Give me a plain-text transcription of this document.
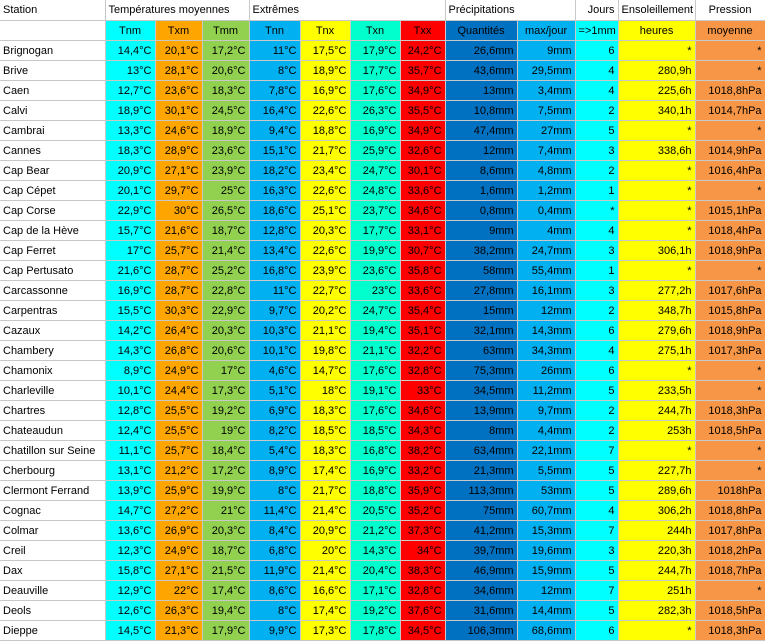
Station	Températures moyennes			Extrêmes				Précipitations		Jours	Ensoleillement	Pression
	Tnm	Txm	Tmm	Tnn	Tnx	Txn	Txx	Quantités	max/jour	=>1mm	heures	moyenne
Brignogan	14,4°C	20,1°C	17,2°C	11°C	17,5°C	17,9°C	24,2°C	26,6mm	9mm	6	*	*
Brive	13°C	28,1°C	20,6°C	8°C	18,9°C	17,7°C	35,7°C	43,6mm	29,5mm	4	280,9h	*
Caen	12,7°C	23,6°C	18,3°C	7,8°C	16,9°C	17,6°C	34,9°C	13mm	3,4mm	4	225,6h	1018,8hPa
Calvi	18,9°C	30,1°C	24,5°C	16,4°C	22,6°C	26,3°C	35,5°C	10,8mm	7,5mm	2	340,1h	1014,7hPa
Cambrai	13,3°C	24,6°C	18,9°C	9,4°C	18,8°C	16,9°C	34,9°C	47,4mm	27mm	5	*	*
Cannes	18,3°C	28,9°C	23,6°C	15,1°C	21,7°C	25,9°C	32,6°C	12mm	7,4mm	3	338,6h	1014,9hPa
Cap Bear	20,9°C	27,1°C	23,9°C	18,2°C	23,4°C	24,7°C	30,1°C	8,6mm	4,8mm	2	*	1016,4hPa
Cap Cépet	20,1°C	29,7°C	25°C	16,3°C	22,6°C	24,8°C	33,6°C	1,6mm	1,2mm	1	*	*
Cap Corse	22,9°C	30°C	26,5°C	18,6°C	25,1°C	23,7°C	34,6°C	0,8mm	0,4mm	*	*	1015,1hPa
Cap de la Hève	15,7°C	21,6°C	18,7°C	12,8°C	20,3°C	17,7°C	33,1°C	9mm	4mm	4	*	1018,4hPa
Cap Ferret	17°C	25,7°C	21,4°C	13,4°C	22,6°C	19,9°C	30,7°C	38,2mm	24,7mm	3	306,1h	1018,9hPa
Cap Pertusato	21,6°C	28,7°C	25,2°C	16,8°C	23,9°C	23,6°C	35,8°C	58mm	55,4mm	1	*	*
Carcassonne	16,9°C	28,7°C	22,8°C	11°C	22,7°C	23°C	33,6°C	27,8mm	16,1mm	3	277,2h	1017,6hPa
Carpentras	15,5°C	30,3°C	22,9°C	9,7°C	20,2°C	24,7°C	35,4°C	15mm	12mm	2	348,7h	1015,8hPa
Cazaux	14,2°C	26,4°C	20,3°C	10,3°C	21,1°C	19,4°C	35,1°C	32,1mm	14,3mm	6	279,6h	1018,9hPa
Chambery	14,3°C	26,8°C	20,6°C	10,1°C	19,8°C	21,1°C	32,2°C	63mm	34,3mm	4	275,1h	1017,3hPa
Chamonix	8,9°C	24,9°C	17°C	4,6°C	14,7°C	17,6°C	32,8°C	75,3mm	26mm	6	*	*
Charleville	10,1°C	24,4°C	17,3°C	5,1°C	18°C	19,1°C	33°C	34,5mm	11,2mm	5	233,5h	*
Chartres	12,8°C	25,5°C	19,2°C	6,9°C	18,3°C	17,6°C	34,6°C	13,9mm	9,7mm	2	244,7h	1018,3hPa
Chateaudun	12,4°C	25,5°C	19°C	8,2°C	18,5°C	18,5°C	34,3°C	8mm	4,4mm	2	253h	1018,5hPa
Chatillon sur Seine	11,1°C	25,7°C	18,4°C	5,4°C	18,3°C	16,8°C	38,2°C	63,4mm	22,1mm	7	*	*
Cherbourg	13,1°C	21,2°C	17,2°C	8,9°C	17,4°C	16,9°C	33,2°C	21,3mm	5,5mm	5	227,7h	*
Clermont Ferrand	13,9°C	25,9°C	19,9°C	8°C	21,7°C	18,8°C	35,9°C	113,3mm	53mm	5	289,6h	1018hPa
Cognac	14,7°C	27,2°C	21°C	11,4°C	21,4°C	20,5°C	35,2°C	75mm	60,7mm	4	306,2h	1018,8hPa
Colmar	13,6°C	26,9°C	20,3°C	8,4°C	20,9°C	21,2°C	37,3°C	41,2mm	15,3mm	7	244h	1017,8hPa
Creil	12,3°C	24,9°C	18,7°C	6,8°C	20°C	14,3°C	34°C	39,7mm	19,6mm	3	220,3h	1018,2hPa
Dax	15,8°C	27,1°C	21,5°C	11,9°C	21,4°C	20,4°C	38,3°C	46,9mm	15,9mm	5	244,7h	1018,7hPa
Deauville	12,9°C	22°C	17,4°C	8,6°C	16,6°C	17,1°C	32,8°C	34,6mm	12mm	7	251h	*
Deols	12,6°C	26,3°C	19,4°C	8°C	17,4°C	19,2°C	37,6°C	31,6mm	14,4mm	5	282,3h	1018,5hPa
Dieppe	14,5°C	21,3°C	17,9°C	9,9°C	17,3°C	17,8°C	34,5°C	106,3mm	68,6mm	6	*	1018,3hPa
